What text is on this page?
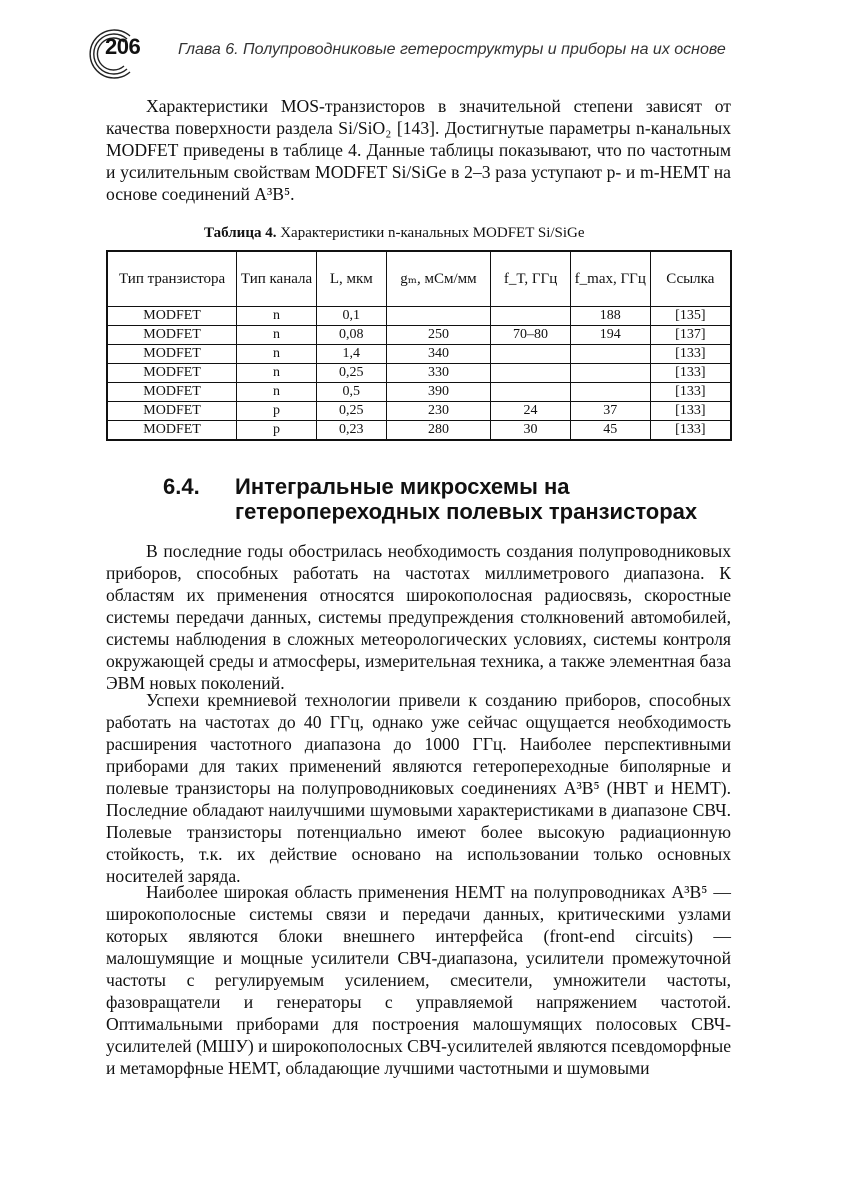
206 Глава 6. Полупроводниковые гетероструктуры и приборы на их основе
Характеристики MOS-транзисторов в значительной степени зависят от качества поверхности раздела Si/SiO₂ [143]. Достигнутые параметры n-канальных MODFET приведены в таблице 4. Данные таблицы показывают, что по частотным и усилительным свойствам MODFET Si/SiGe в 2–3 раза уступают p- и m-HEMT на основе соединений A³B⁵.
Таблица 4. Характеристики n-канальных MODFET Si/SiGe
Тип транзистора	Тип канала	L, мкм	gₘ, мСм/мм	f_T, ГГц	f_max, ГГц	Ссылка
MODFET	n	0,1			188	[135]
MODFET	n	0,08	250	70–80	194	[137]
MODFET	n	1,4	340			[133]
MODFET	n	0,25	330			[133]
MODFET	n	0,5	390			[133]
MODFET	p	0,25	230	24	37	[133]
MODFET	p	0,23	280	30	45	[133]
6.4. Интегральные микросхемы на гетеропереходных полевых транзисторах
В последние годы обострилась необходимость создания полупроводниковых приборов, способных работать на частотах миллиметрового диапазона. К областям их применения относятся широкополосная радиосвязь, скоростные системы передачи данных, системы предупреждения столкновений автомобилей, системы наблюдения в сложных метеорологических условиях, системы контроля окружающей среды и атмосферы, измерительная техника, а также элементная база ЭВМ новых поколений.
Успехи кремниевой технологии привели к созданию приборов, способных работать на частотах до 40 ГГц, однако уже сейчас ощущается необходимость расширения частотного диапазона до 1000 ГГц. Наиболее перспективными приборами для таких применений являются гетеропереходные биполярные и полевые транзисторы на полупроводниковых соединениях A³B⁵ (HBT и HEMT). Последние обладают наилучшими шумовыми характеристиками в диапазоне СВЧ. Полевые транзисторы потенциально имеют более высокую радиационную стойкость, т.к. их действие основано на использовании только основных носителей заряда.
Наиболее широкая область применения HEMT на полупроводниках A³B⁵ — широкополосные системы связи и передачи данных, критическими узлами которых являются блоки внешнего интерфейса (front-end circuits) — малошумящие и мощные усилители СВЧ-диапазона, усилители промежуточной частоты с регулируемым усилением, смесители, умножители частоты, фазовращатели и генераторы с управляемой напряжением частотой. Оптимальными приборами для построения малошумящих полосовых СВЧ-усилителей (МШУ) и широкополосных СВЧ-усилителей являются псевдоморфные и метаморфные HEMT, обладающие лучшими частотными и шумовыми
